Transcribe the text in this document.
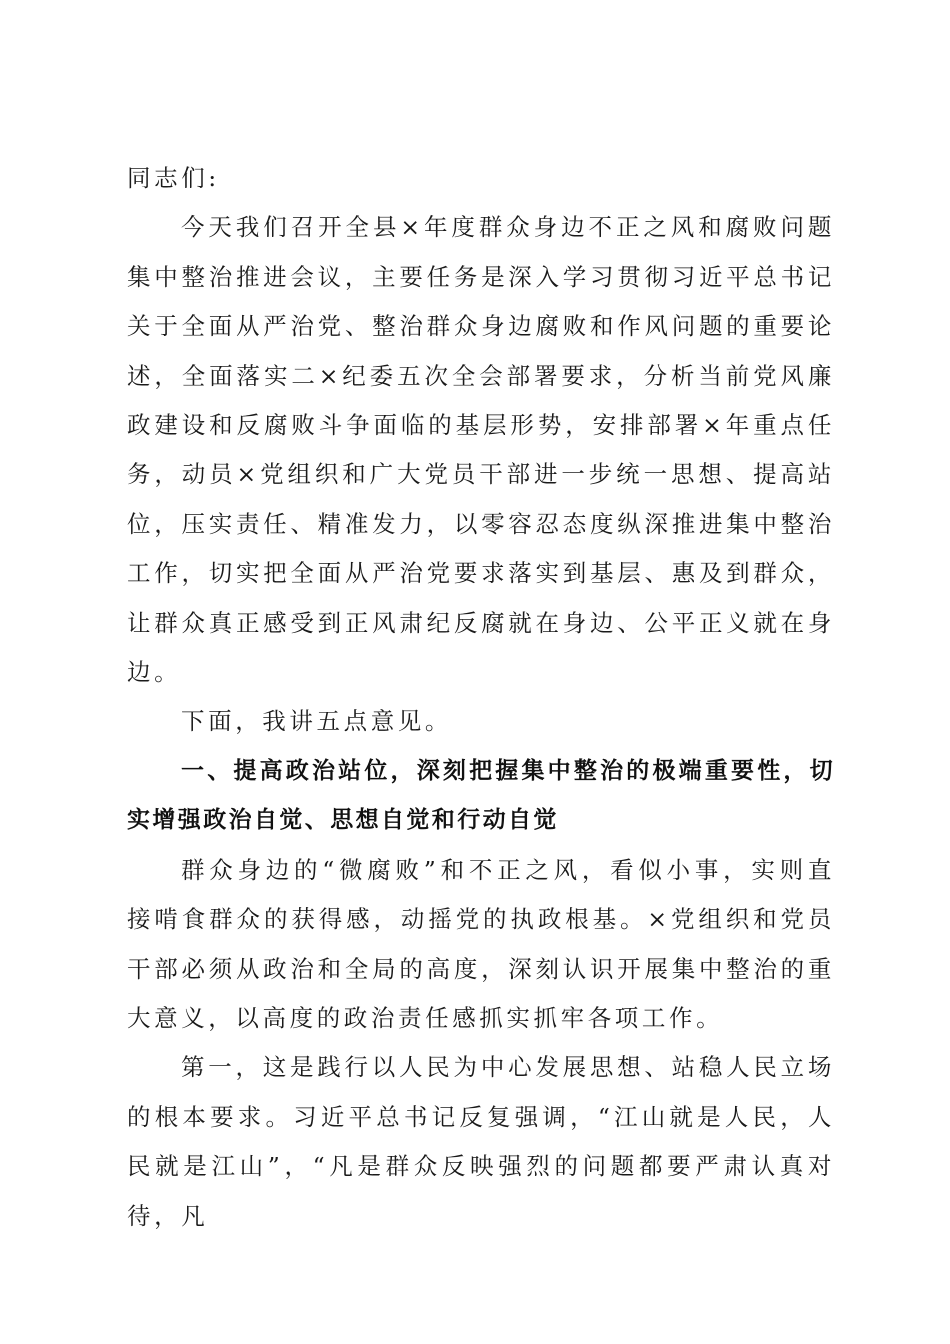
同志们:

今天我们召开全县×年度群众身边不正之风和腐败问题集中整治推进会议，主要任务是深入学习贯彻习近平总书记关于全面从严治党、整治群众身边腐败和作风问题的重要论述，全面落实二×纪委五次全会部署要求，分析当前党风廉政建设和反腐败斗争面临的基层形势，安排部署×年重点任务，动员×党组织和广大党员干部进一步统一思想、提高站位，压实责任、精准发力，以零容忍态度纵深推进集中整治工作，切实把全面从严治党要求落实到基层、惠及到群众，让群众真正感受到正风肃纪反腐就在身边、公平正义就在身边。

下面，我讲五点意见。

一、提高政治站位，深刻把握集中整治的极端重要性，切实增强政治自觉、思想自觉和行动自觉

群众身边的“微腐败”和不正之风，看似小事，实则直接啃食群众的获得感，动摇党的执政根基。×党组织和党员干部必须从政治和全局的高度，深刻认识开展集中整治的重大意义，以高度的政治责任感抓实抓牢各项工作。

第一，这是践行以人民为中心发展思想、站稳人民立场的根本要求。习近平总书记反复强调，“江山就是人民，人民就是江山”，“凡是群众反映强烈的问题都要严肃认真对待，凡
